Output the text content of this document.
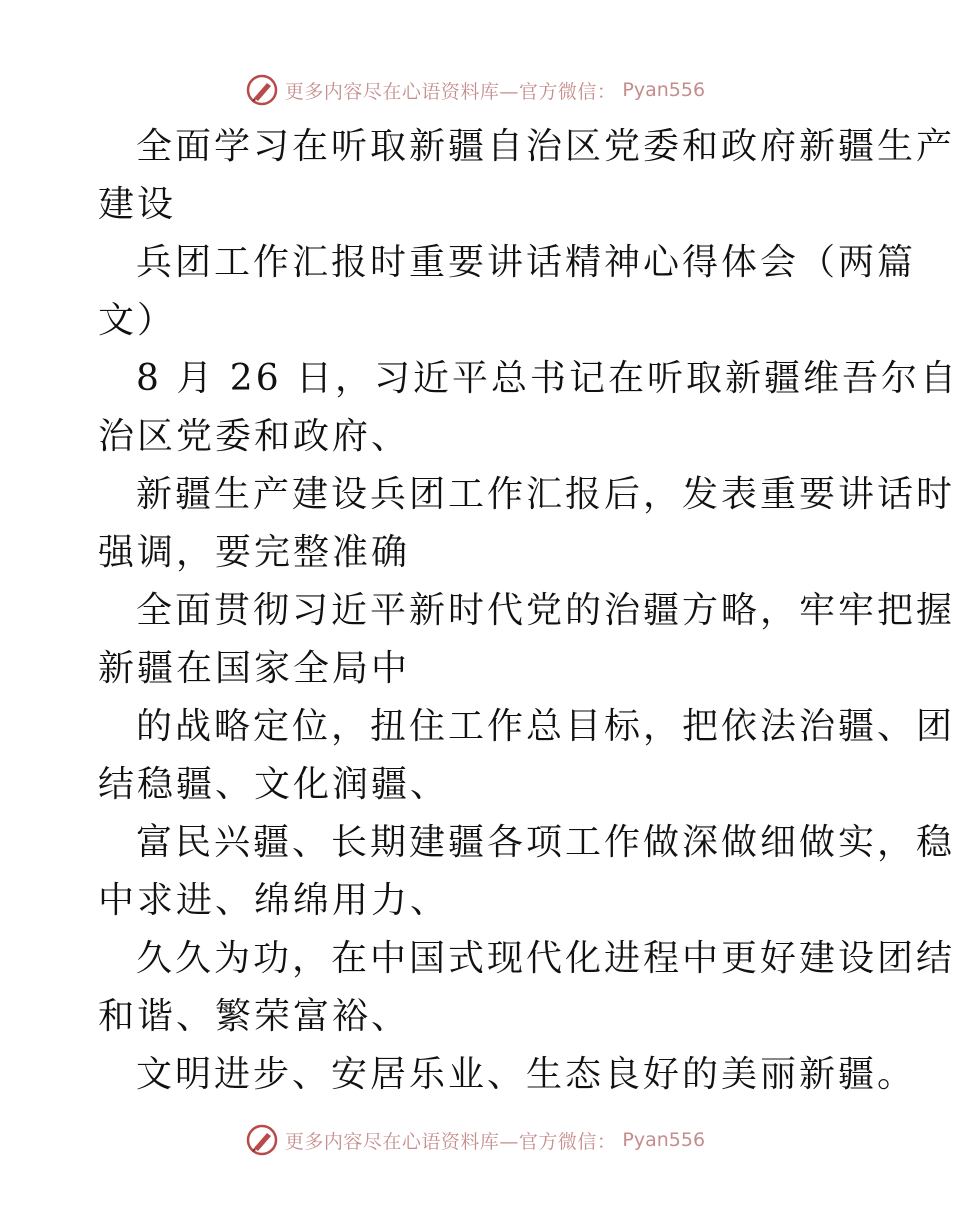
更多内容尽在心语资料库—官方微信： Pyan556
全面学习在听取新疆自治区党委和政府新疆生产
建设
兵团工作汇报时重要讲话精神心得体会（两篇
文）
8 月 26 日，习近平总书记在听取新疆维吾尔自
治区党委和政府、
新疆生产建设兵团工作汇报后，发表重要讲话时
强调，要完整准确
全面贯彻习近平新时代党的治疆方略，牢牢把握
新疆在国家全局中
的战略定位，扭住工作总目标，把依法治疆、团
结稳疆、文化润疆、
富民兴疆、长期建疆各项工作做深做细做实，稳
中求进、绵绵用力、
久久为功，在中国式现代化进程中更好建设团结
和谐、繁荣富裕、
文明进步、安居乐业、生态良好的美丽新疆。
更多内容尽在心语资料库—官方微信： Pyan556
